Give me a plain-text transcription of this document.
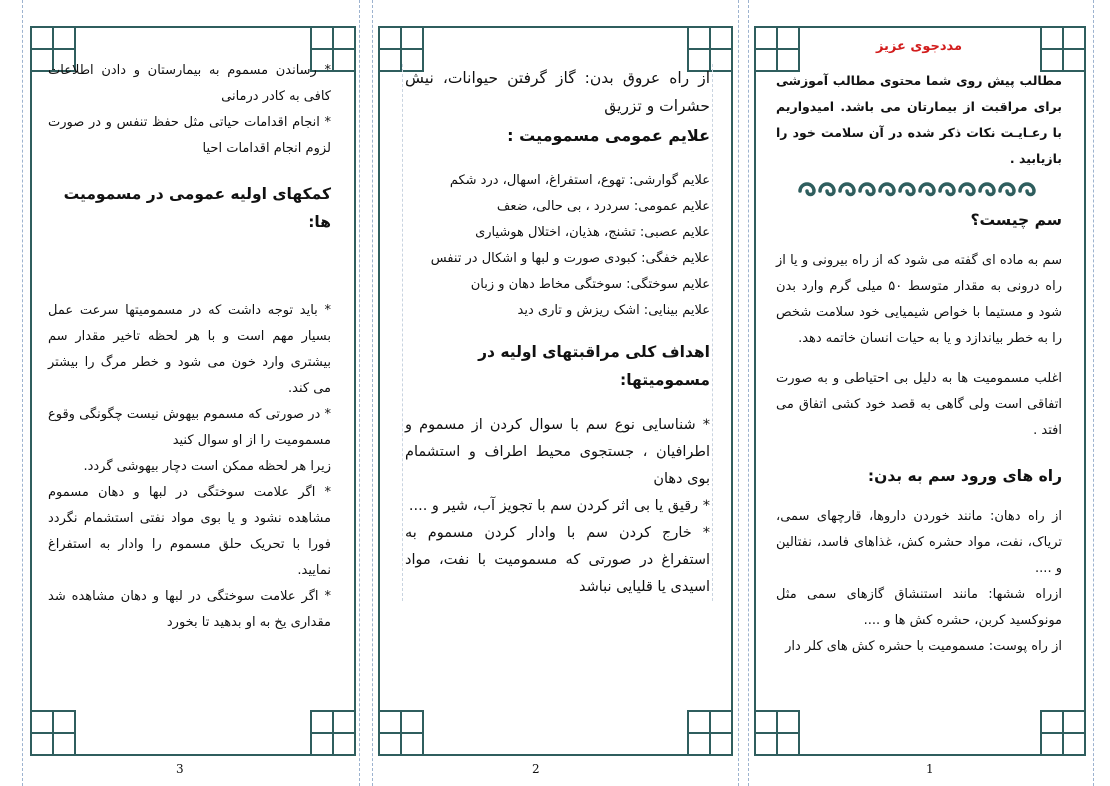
* رساندن مسموم به بیمارستان و دادن اطلاعات کافی به کادر درمانی

* انجام اقدامات حیاتی مثل حفظ تنفس و در صورت لزوم انجام اقدامات احیا

کمکهای اولیه عمومی در مسمومیت ها:

* باید توجه داشت که در مسمومیتها سرعت عمل بسیار مهم است و با هر لحظه تاخیر مقدار سم بیشتری وارد خون می شود و خطر مرگ را بیشتر می کند.

* در صورتی که مسموم بیهوش نیست چگونگی وقوع مسمومیت را از او سوال کنید

زیرا هر لحظه ممکن است دچار بیهوشی گردد.

* اگر علامت سوختگی در لبها و دهان مسموم مشاهده نشود و یا بوی مواد نفتی استشمام نگردد فورا با تحریک حلق مسموم را وادار به استفراغ نمایید.

* اگر علامت سوختگی در لبها و دهان مشاهده شد مقداری یخ به او بدهید تا بخورد

3

از راه عروق بدن: گاز گرفتن حیوانات، نیش حشرات و تزریق

علایم عمومی مسمومیت :

علایم گوارشی: تهوع، استفراغ، اسهال، درد شکم

علایم عمومی: سردرد ، بی حالی، ضعف

علایم عصبی: تشنج، هذیان، اختلال هوشیاری

علایم خفگی: کبودی صورت و لبها و اشکال در تنفس

علایم سوختگی: سوختگی مخاط دهان و زبان

علایم بینایی: اشک ریزش و تاری دید

اهداف کلی مراقبتهای اولیه در مسمومیتها:

* شناسایی نوع سم با سوال کردن از مسموم و اطرافیان ، جستجوی محیط اطراف و استشمام بوی دهان

* رقیق یا بی اثر کردن سم با تجویز آب، شیر و ....

* خارج کردن سم با وادار کردن مسموم به استفراغ در صورتی که مسمومیت با نفت، مواد اسیدی یا قلیایی نباشد

2
مددجوی عزیز

مطالب پیش روی شما محتوی مطالب آموزشی برای مراقبت از بیمارتان می باشد. امیدواریم با رعـایـت نکات ذکر شده در آن سلامت خود را بازیابید .

سم چیست؟

سم به ماده ای گفته می شود که از راه بیرونی و یا از راه درونی به مقدار متوسط ۵۰ میلی گرم وارد بدن شود و مستیما با خواص شیمیایی خود سلامت شخص را به خطر بیاندازد و یا به حیات انسان خاتمه دهد.

اغلب مسمومیت ها به دلیل بی احتیاطی و به صورت اتفاقی است ولی گاهی به قصد خود کشی اتفاق می افتد .

راه های ورود سم به بدن:

از راه دهان: مانند خوردن داروها، قارچهای سمی، تریاک، نفت، مواد حشره کش، غذاهای فاسد، نفتالین و ....

ازراه ششها: مانند استنشاق گازهای سمی مثل مونوکسید کربن، حشره کش ها و ....

از راه پوست: مسمومیت با حشره کش های کلر دار

1
